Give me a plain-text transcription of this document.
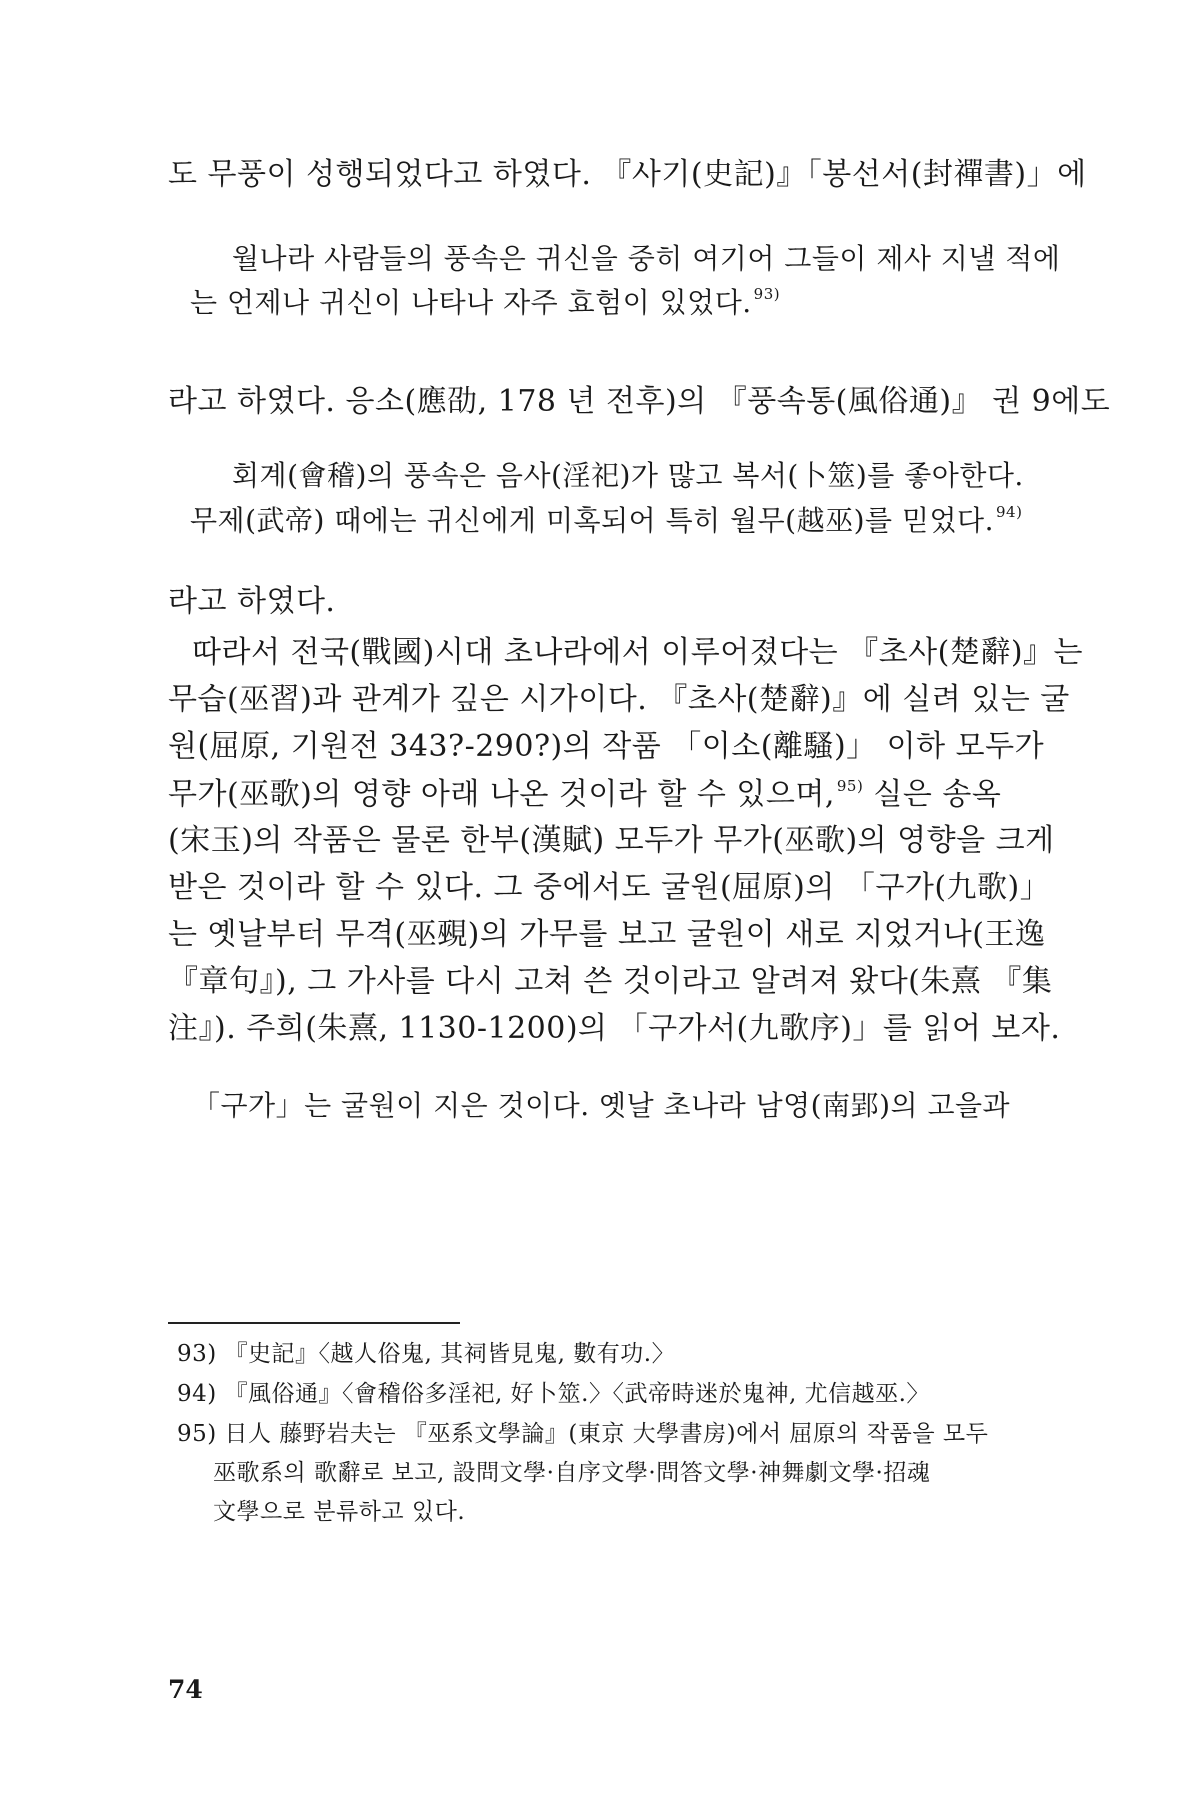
도 무풍이 성행되었다고 하였다. 『사기(史記)』「봉선서(封禪書)」에
월나라 사람들의 풍속은 귀신을 중히 여기어 그들이 제사 지낼 적에
는 언제나 귀신이 나타나 자주 효험이 있었다. $^{93)}$
라고 하였다. 응소(應劭, 178 년 전후)의 『풍속통(風俗通)』 권 9에도
회계(會稽)의 풍속은 음사(淫祀)가 많고 복서(卜筮)를 좋아한다.
무제(武帝) 때에는 귀신에게 미혹되어 특히 월무(越巫)를 믿었다. $^{94)}$
라고 하였다.
따라서 전국(戰國)시대 초나라에서 이루어졌다는 『초사(楚辭)』는
무습(巫習)과 관계가 깊은 시가이다. 『초사(楚辭)』에 실려 있는 굴
원(屈原, 기원전 343?-290?)의 작품 「이소(離騷)」 이하 모두가
무가(巫歌)의 영향 아래 나온 것이라 할 수 있으며, $^{95)}$ 실은 송옥
(宋玉)의 작품은 물론 한부(漢賦) 모두가 무가(巫歌)의 영향을 크게
받은 것이라 할 수 있다. 그 중에서도 굴원(屈原)의 「구가(九歌)」
는 옛날부터 무격(巫覡)의 가무를 보고 굴원이 새로 지었거나(王逸
『章句』), 그 가사를 다시 고쳐 쓴 것이라고 알려져 왔다(朱熹 『集
注』). 주희(朱熹, 1130-1200)의 「구가서(九歌序)」를 읽어 보자.
「구가」는 굴원이 지은 것이다. 옛날 초나라 남영(南郢)의 고을과
93) 『史記』〈越人俗鬼, 其祠皆見鬼, 數有功.〉
94) 『風俗通』〈會稽俗多淫祀, 好卜筮.〉〈武帝時迷於鬼神, 尤信越巫.〉
95) 日人 藤野岩夫는 『巫系文學論』(東京 大學書房)에서 屈原의 작품을 모두
巫歌系의 歌辭로 보고, 設問文學·自序文學·問答文學·神舞劇文學·招魂
文學으로 분류하고 있다.
74
